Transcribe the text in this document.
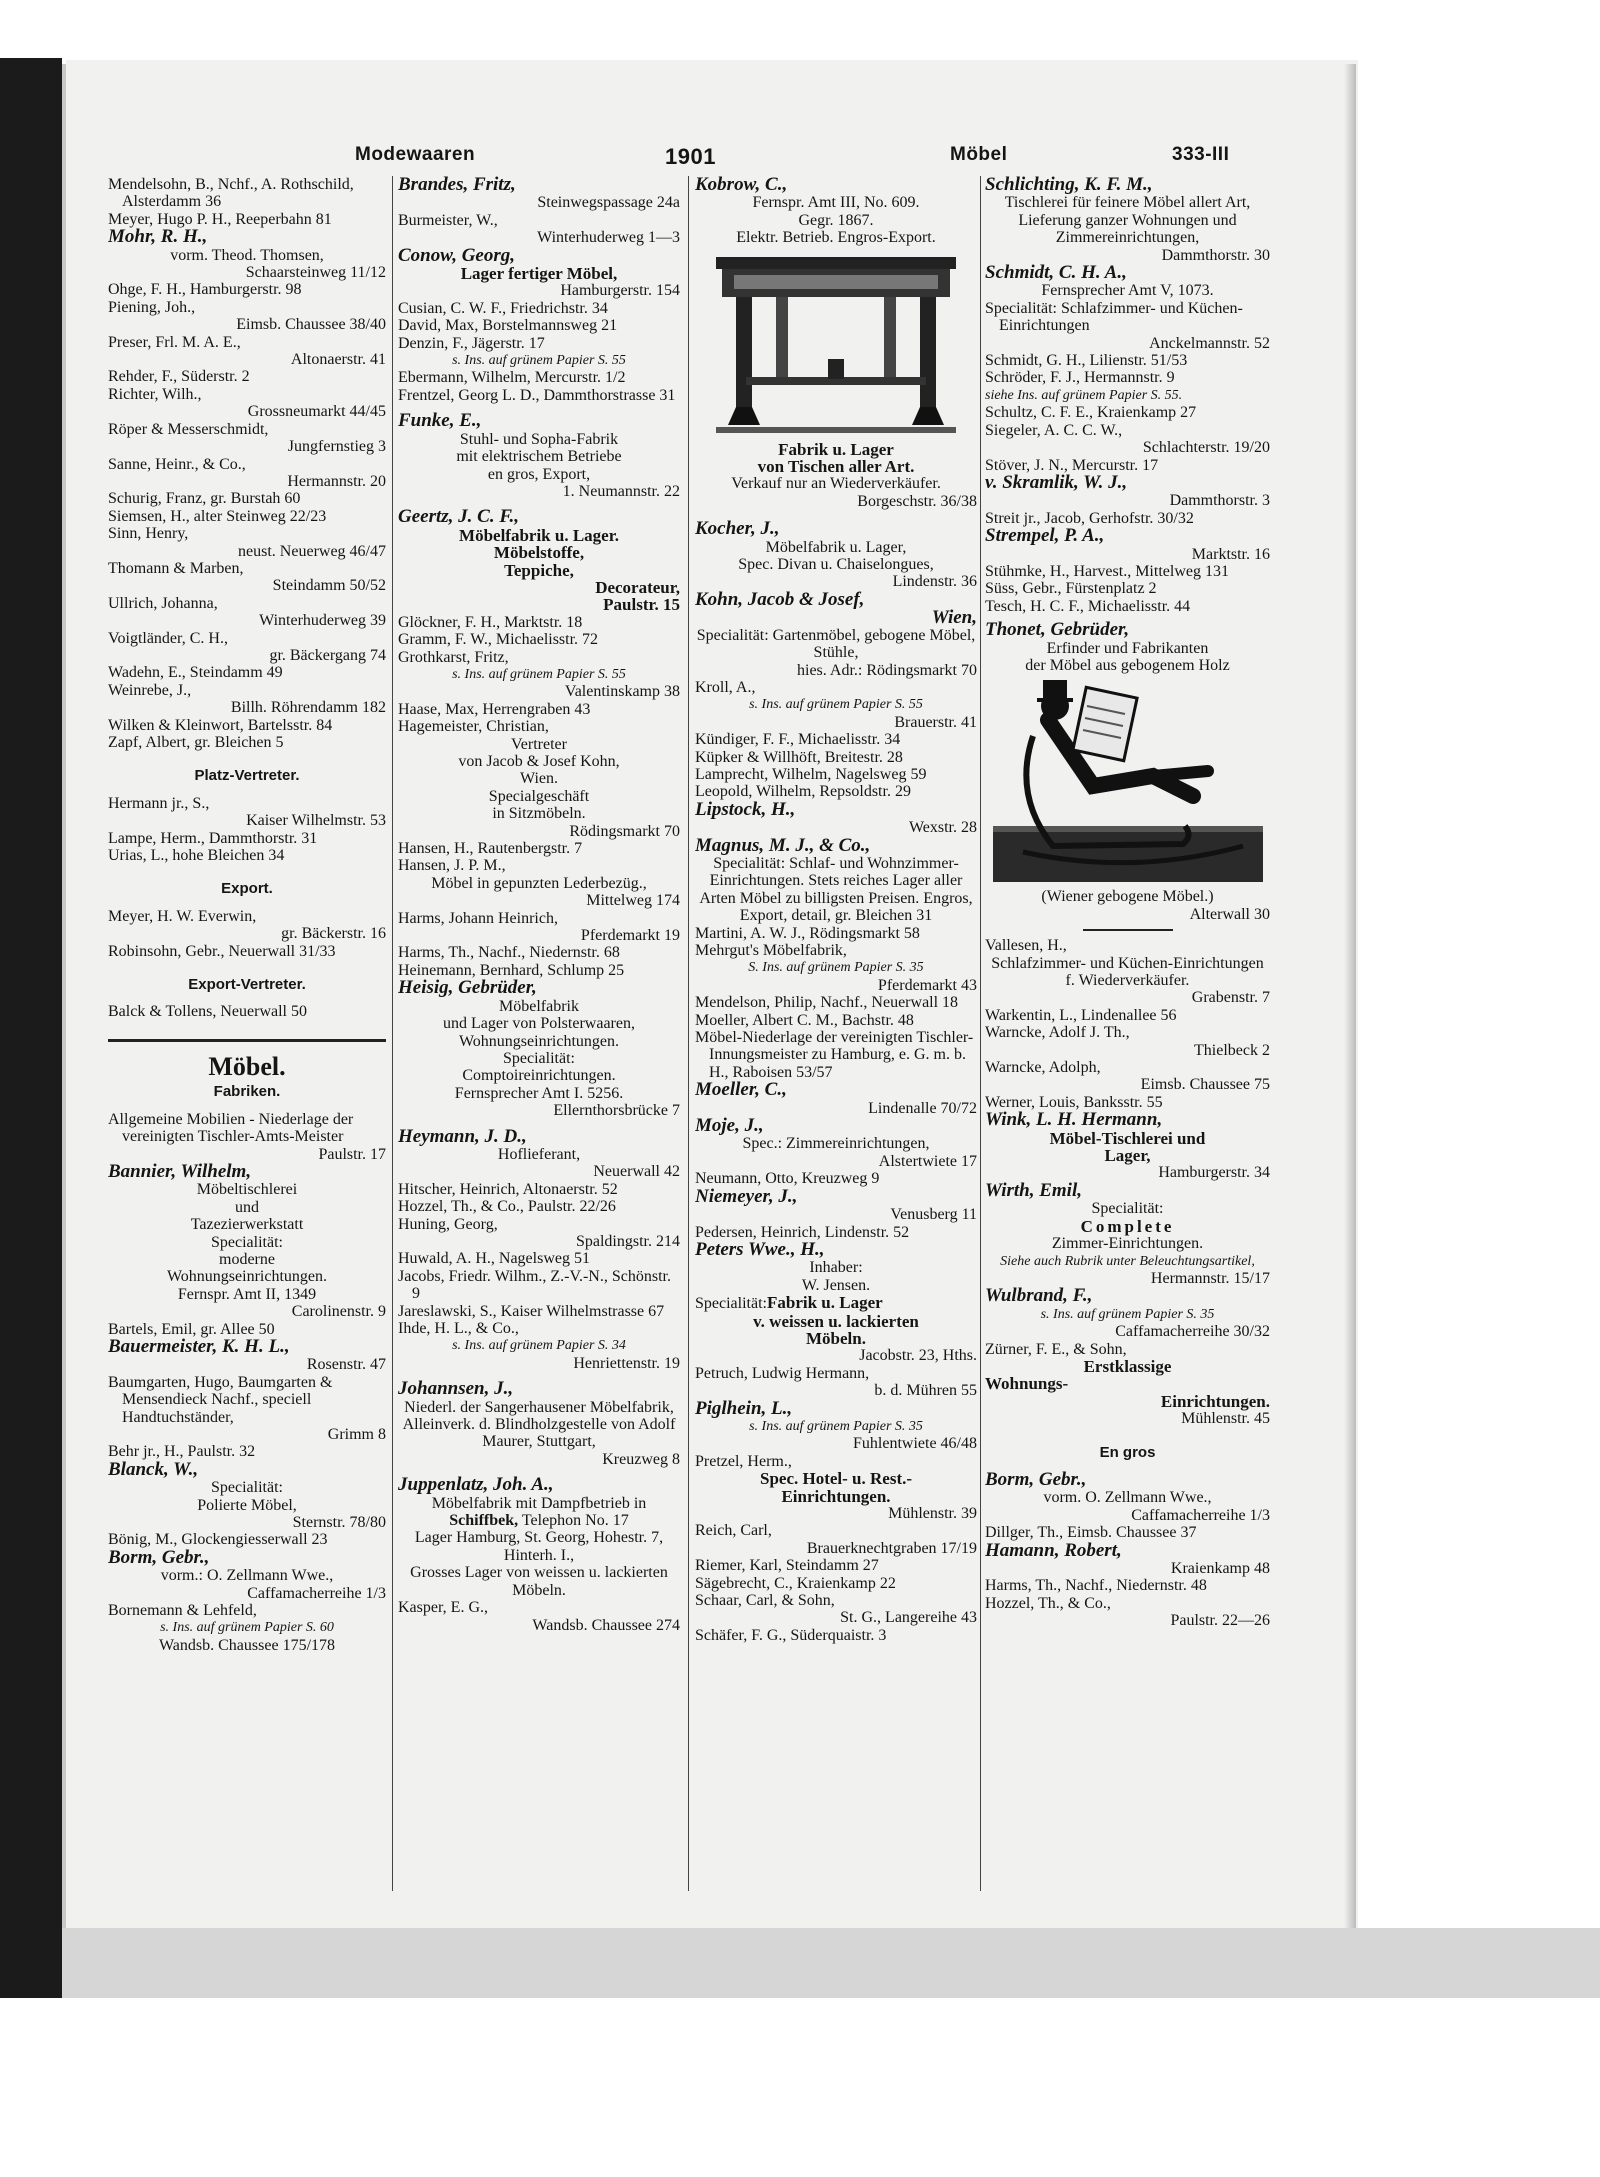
Modewaaren	1901	Möbel	333-III

Mendelsohn, B., Nchf., A. Rothschild, Alsterdamm 36

Meyer, Hugo P. H., Reeperbahn 81

Mohr, R. H.,

vorm. Theod. Thomsen,

Schaarsteinweg 11/12

Ohge, F. H., Hamburgerstr. 98

Piening, Joh.,

Eimsb. Chaussee 38/40

Preser, Frl. M. A. E.,

Altonaerstr. 41

Rehder, F., Süderstr. 2

Richter, Wilh.,

Grossneumarkt 44/45

Röper & Messerschmidt,

Jungfernstieg 3

Sanne, Heinr., & Co.,

Hermannstr. 20

Schurig, Franz, gr. Burstah 60

Siemsen, H., alter Steinweg 22/23

Sinn, Henry,

neust. Neuerweg 46/47

Thomann & Marben,

Steindamm 50/52

Ullrich, Johanna,

Winterhuderweg 39

Voigtländer, C. H.,

gr. Bäckergang 74

Wadehn, E., Steindamm 49

Weinrebe, J.,

Billh. Röhrendamm 182

Wilken & Kleinwort, Bartelsstr. 84

Zapf, Albert, gr. Bleichen 5

Platz-Vertreter.

Hermann jr., S.,

Kaiser Wilhelmstr. 53

Lampe, Herm., Dammthorstr. 31

Urias, L., hohe Bleichen 34

Export.

Meyer, H. W. Everwin,

gr. Bäckerstr. 16

Robinsohn, Gebr., Neuerwall 31/33

Export-Vertreter.

Balck & Tollens, Neuerwall 50

Möbel.
Fabriken.

Allgemeine Mobilien - Niederlage der vereinigten Tischler-Amts-Meister

Paulstr. 17

Bannier, Wilhelm,

Möbeltischlerei

und

Tazezierwerkstatt

Specialität:

moderne

Wohnungseinrichtungen.

Fernspr. Amt II, 1349

Carolinenstr. 9

Bartels, Emil, gr. Allee 50

Bauermeister, K. H. L.,

Rosenstr. 47

Baumgarten, Hugo, Baumgarten & Mensendieck Nachf., speciell Handtuchständer,

Grimm 8

Behr jr., H., Paulstr. 32

Blanck, W.,

Specialität:

Polierte Möbel,

Sternstr. 78/80

Bönig, M., Glockengiesserwall 23

Borm, Gebr.,

vorm.: O. Zellmann Wwe.,

Caffamacherreihe 1/3

Bornemann & Lehfeld,

s. Ins. auf grünem Papier S. 60

Wandsb. Chaussee 175/178

Brandes, Fritz,

Steinwegspassage 24a

Burmeister, W.,

Winterhuderweg 1—3

Conow, Georg,

Lager fertiger Möbel,

Hamburgerstr. 154

Cusian, C. W. F., Friedrichstr. 34

David, Max, Borstelmannsweg 21

Denzin, F., Jägerstr. 17

s. Ins. auf grünem Papier S. 55

Ebermann, Wilhelm, Mercurstr. 1/2

Frentzel, Georg L. D., Dammthorstrasse 31

Funke, E.,

Stuhl- und Sopha-Fabrik

mit elektrischem Betriebe

en gros, Export,

1. Neumannstr. 22

Geertz, J. C. F.,

Möbelfabrik u. Lager.

Möbelstoffe,

Teppiche,

Decorateur,

Paulstr. 15

Glöckner, F. H., Marktstr. 18

Gramm, F. W., Michaelisstr. 72

Grothkarst, Fritz,

s. Ins. auf grünem Papier S. 55

Valentinskamp 38

Haase, Max, Herrengraben 43

Hagemeister, Christian,

Vertreter

von Jacob & Josef Kohn,

Wien.

Specialgeschäft

in Sitzmöbeln.

Rödingsmarkt 70

Hansen, H., Rautenbergstr. 7

Hansen, J. P. M.,

Möbel in gepunzten Lederbezüg.,

Mittelweg 174

Harms, Johann Heinrich,

Pferdemarkt 19

Harms, Th., Nachf., Niedernstr. 68

Heinemann, Bernhard, Schlump 25

Heisig, Gebrüder,

Möbelfabrik

und Lager von Polsterwaaren,

Wohnungseinrichtungen.

Specialität:

Comptoireinrichtungen.

Fernsprecher Amt I. 5256.

Ellernthorsbrücke 7

Heymann, J. D.,

Hoflieferant,

Neuerwall 42

Hitscher, Heinrich, Altonaerstr. 52

Hozzel, Th., & Co., Paulstr. 22/26

Huning, Georg,

Spaldingstr. 214

Huwald, A. H., Nagelsweg 51

Jacobs, Friedr. Wilhm., Z.-V.-N., Schönstr. 9

Jareslawski, S., Kaiser Wilhelmstrasse 67

Ihde, H. L., & Co.,

s. Ins. auf grünem Papier S. 34

Henriettenstr. 19

Johannsen, J.,

Niederl. der Sangerhausener Möbelfabrik,

Alleinverk. d. Blindholzgestelle von Adolf Maurer, Stuttgart,

Kreuzweg 8

Juppenlatz, Joh. A.,

Möbelfabrik mit Dampfbetrieb in Schiffbek, Telephon No. 17

Lager Hamburg, St. Georg, Hohestr. 7, Hinterh. I.,

Grosses Lager von weissen u. lackierten Möbeln.

Kasper, E. G.,

Wandsb. Chaussee 274

Kobrow, C.,

Fernspr. Amt III, No. 609.

Gegr. 1867.

Elektr. Betrieb. Engros-Export.

Fabrik u. Lager

von Tischen aller Art.

Verkauf nur an Wiederverkäufer.

Borgeschstr. 36/38

Kocher, J.,

Möbelfabrik u. Lager,

Spec. Divan u. Chaiselongues,

Lindenstr. 36

Kohn, Jacob & Josef,

Wien,

Specialität: Gartenmöbel, gebogene Möbel, Stühle,

hies. Adr.: Rödingsmarkt 70

Kroll, A.,

s. Ins. auf grünem Papier S. 55

Brauerstr. 41

Kündiger, F. F., Michaelisstr. 34

Küpker & Willhöft, Breitestr. 28

Lamprecht, Wilhelm, Nagelsweg 59

Leopold, Wilhelm, Repsoldstr. 29

Lipstock, H.,

Wexstr. 28

Magnus, M. J., & Co.,

Specialität: Schlaf- und Wohnzimmer-Einrichtungen. Stets reiches Lager aller Arten Möbel zu billigsten Preisen. Engros, Export, detail, gr. Bleichen 31

Martini, A. W. J., Rödingsmarkt 58

Mehrgut's Möbelfabrik,

S. Ins. auf grünem Papier S. 35

Pferdemarkt 43

Mendelson, Philip, Nachf., Neuerwall 18

Moeller, Albert C. M., Bachstr. 48

Möbel-Niederlage der vereinigten Tischler-Innungsmeister zu Hamburg, e. G. m. b. H., Raboisen 53/57

Moeller, C.,

Lindenalle 70/72

Moje, J.,

Spec.: Zimmereinrichtungen,

Alstertwiete 17

Neumann, Otto, Kreuzweg 9

Niemeyer, J.,

Venusberg 11

Pedersen, Heinrich, Lindenstr. 52

Peters Wwe., H.,

Inhaber:

W. Jensen.

Specialität:Fabrik u. Lager

v. weissen u. lackierten

Möbeln.

Jacobstr. 23, Hths.

Petruch, Ludwig Hermann,

b. d. Mühren 55

Piglhein, L.,

s. Ins. auf grünem Papier S. 35

Fuhlentwiete 46/48

Pretzel, Herm.,

Spec. Hotel- u. Rest.-

Einrichtungen.

Mühlenstr. 39

Reich, Carl,

Brauerknechtgraben 17/19

Riemer, Karl, Steindamm 27

Sägebrecht, C., Kraienkamp 22

Schaar, Carl, & Sohn,

St. G., Langereihe 43

Schäfer, F. G., Süderquaistr. 3

Schlichting, K. F. M.,

Tischlerei für feinere Möbel allert Art, Lieferung ganzer Wohnungen und Zimmereinrichtungen,

Dammthorstr. 30

Schmidt, C. H. A.,

Fernsprecher Amt V, 1073.

Specialität: Schlafzimmer- und Küchen-Einrichtungen

Anckelmannstr. 52

Schmidt, G. H., Lilienstr. 51/53

Schröder, F. J., Hermannstr. 9

siehe Ins. auf grünem Papier S. 55.

Schultz, C. F. E., Kraienkamp 27

Siegeler, A. C. C. W.,

Schlachterstr. 19/20

Stöver, J. N., Mercurstr. 17

v. Skramlik, W. J.,

Dammthorstr. 3

Streit jr., Jacob, Gerhofstr. 30/32

Strempel, P. A.,

Marktstr. 16

Stühmke, H., Harvest., Mittelweg 131

Süss, Gebr., Fürstenplatz 2

Tesch, H. C. F., Michaelisstr. 44

Thonet, Gebrüder,

Erfinder und Fabrikanten

der Möbel aus gebogenem Holz

(Wiener gebogene Möbel.)

Alterwall 30

Vallesen, H.,

Schlafzimmer- und Küchen-Einrichtungen f. Wiederverkäufer.

Grabenstr. 7

Warkentin, L., Lindenallee 56

Warncke, Adolf J. Th.,

Thielbeck 2

Warncke, Adolph,

Eimsb. Chaussee 75

Werner, Louis, Banksstr. 55

Wink, L. H. Hermann,

Möbel-Tischlerei und

Lager,

Hamburgerstr. 34

Wirth, Emil,

Specialität:

Complete

Zimmer-Einrichtungen.

Siehe auch Rubrik unter Beleuchtungsartikel,

Hermannstr. 15/17

Wulbrand, F.,

s. Ins. auf grünem Papier S. 35

Caffamacherreihe 30/32

Zürner, F. E., & Sohn,

Erstklassige

Wohnungs-

Einrichtungen.

Mühlenstr. 45

En gros

Borm, Gebr.,

vorm. O. Zellmann Wwe.,

Caffamacherreihe 1/3

Dillger, Th., Eimsb. Chaussee 37

Hamann, Robert,

Kraienkamp 48

Harms, Th., Nachf., Niedernstr. 48

Hozzel, Th., & Co.,

Paulstr. 22—26
